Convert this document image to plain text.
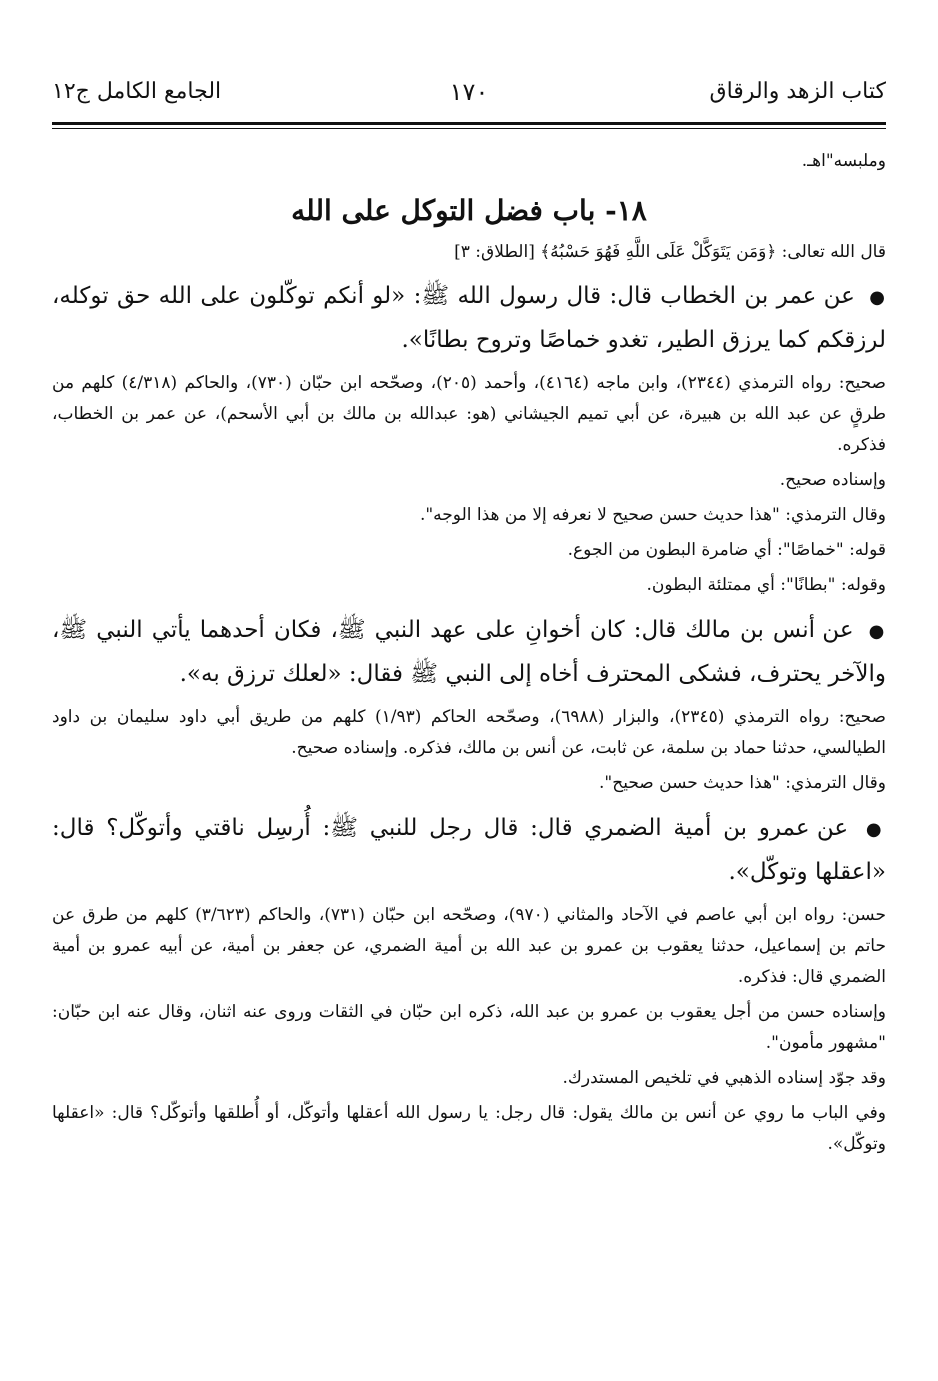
كتاب الزهد والرقاق
١٧٠
الجامع الكامل ج١٢

وملبسه"اهـ.

١٨- باب فضل التوكل على الله

قال الله تعالى: ﴿وَمَن يَتَوَكَّلْ عَلَى اللَّهِ فَهُوَ حَسْبُهُ﴾ [الطلاق: ٣]

● عن عمر بن الخطاب قال: قال رسول الله ﷺ: «لو أنكم توكّلون على الله حق توكله، لرزقكم كما يرزق الطير، تغدو خماصًا وتروح بطانًا».

صحيح: رواه الترمذي (٢٣٤٤)، وابن ماجه (٤١٦٤)، وأحمد (٢٠٥)، وصحّحه ابن حبّان (٧٣٠)، والحاكم (٤/٣١٨) كلهم من طرقٍ عن عبد الله بن هبيرة، عن أبي تميم الجيشاني (هو: عبدالله بن مالك بن أبي الأسحم)، عن عمر بن الخطاب، فذكره.

وإسناده صحيح.

وقال الترمذي: "هذا حديث حسن صحيح لا نعرفه إلا من هذا الوجه".

قوله: "خماصًا": أي ضامرة البطون من الجوع.

وقوله: "بطانًا": أي ممتلئة البطون.

● عن أنس بن مالك قال: كان أخوانِ على عهد النبي ﷺ، فكان أحدهما يأتي النبي ﷺ، والآخر يحترف، فشكى المحترف أخاه إلى النبي ﷺ فقال: «لعلك ترزق به».

صحيح: رواه الترمذي (٢٣٤٥)، والبزار (٦٩٨٨)، وصحّحه الحاكم (١/٩٣) كلهم من طريق أبي داود سليمان بن داود الطيالسي، حدثنا حماد بن سلمة، عن ثابت، عن أنس بن مالك، فذكره. وإسناده صحيح.

وقال الترمذي: "هذا حديث حسن صحيح".

● عن عمرو بن أمية الضمري قال: قال رجل للنبي ﷺ: أُرسِل ناقتي وأتوكّل؟ قال: «اعقلها وتوكّل».

حسن: رواه ابن أبي عاصم في الآحاد والمثاني (٩٧٠)، وصحّحه ابن حبّان (٧٣١)، والحاكم (٣/٦٢٣) كلهم من طرق عن حاتم بن إسماعيل، حدثنا يعقوب بن عمرو بن عبد الله بن أمية الضمري، عن جعفر بن أمية، عن أبيه عمرو بن أمية الضمري قال: فذكره.

وإسناده حسن من أجل يعقوب بن عمرو بن عبد الله، ذكره ابن حبّان في الثقات وروى عنه اثنان، وقال عنه ابن حبّان: "مشهور مأمون".

وقد جوّد إسناده الذهبي في تلخيص المستدرك.

وفي الباب ما روي عن أنس بن مالك يقول: قال رجل: يا رسول الله أعقلها وأتوكّل، أو أُطلقها وأتوكّل؟ قال: «اعقلها وتوكّل».
